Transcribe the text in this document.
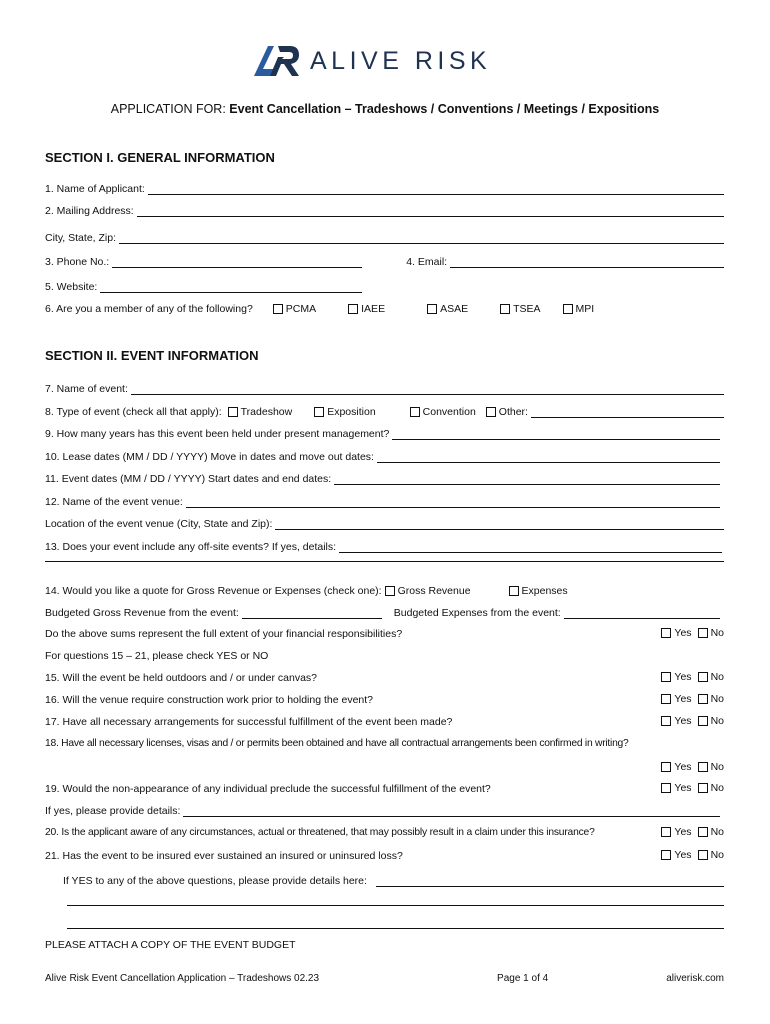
ALIVE RISK
APPLICATION FOR: Event Cancellation – Tradeshows / Conventions / Meetings / Expositions
SECTION I. GENERAL INFORMATION
1. Name of Applicant:
2. Mailing Address:
City, State, Zip:
3. Phone No.:	4. Email:
5. Website:
6. Are you a member of any of the following?	PCMA	IAEE	ASAE	TSEA	MPI
SECTION II. EVENT INFORMATION
7. Name of event:
8. Type of event (check all that apply): Tradeshow	Exposition	Convention Other:
9. How many years has this event been held under present management?
10. Lease dates (MM / DD / YYYY) Move in dates and move out dates:
11. Event dates (MM / DD / YYYY) Start dates and end dates:
12. Name of the event venue:
Location of the event venue (City, State and Zip):
13. Does your event include any off-site events? If yes, details:
14. Would you like a quote for Gross Revenue or Expenses (check one): Gross Revenue	Expenses
Budgeted Gross Revenue from the event:	Budgeted Expenses from the event:
Do the above sums represent the full extent of your financial responsibilities?	Yes No
For questions 15 – 21, please check YES or NO
15. Will the event be held outdoors and / or under canvas?	Yes No
16. Will the venue require construction work prior to holding the event?	Yes No
17. Have all necessary arrangements for successful fulfillment of the event been made?	Yes No
18. Have all necessary licenses, visas and / or permits been obtained and have all contractual arrangements been confirmed in writing?
Yes No
19. Would the non-appearance of any individual preclude the successful fulfillment of the event?	Yes No
If yes, please provide details:
20. Is the applicant aware of any circumstances, actual or threatened, that may possibly result in a claim under this insurance?	Yes No
21. Has the event to be insured ever sustained an insured or uninsured loss?	Yes No
If YES to any of the above questions, please provide details here:
PLEASE ATTACH A COPY OF THE EVENT BUDGET
Alive Risk Event Cancellation Application – Tradeshows 02.23	Page 1 of 4	aliverisk.com
